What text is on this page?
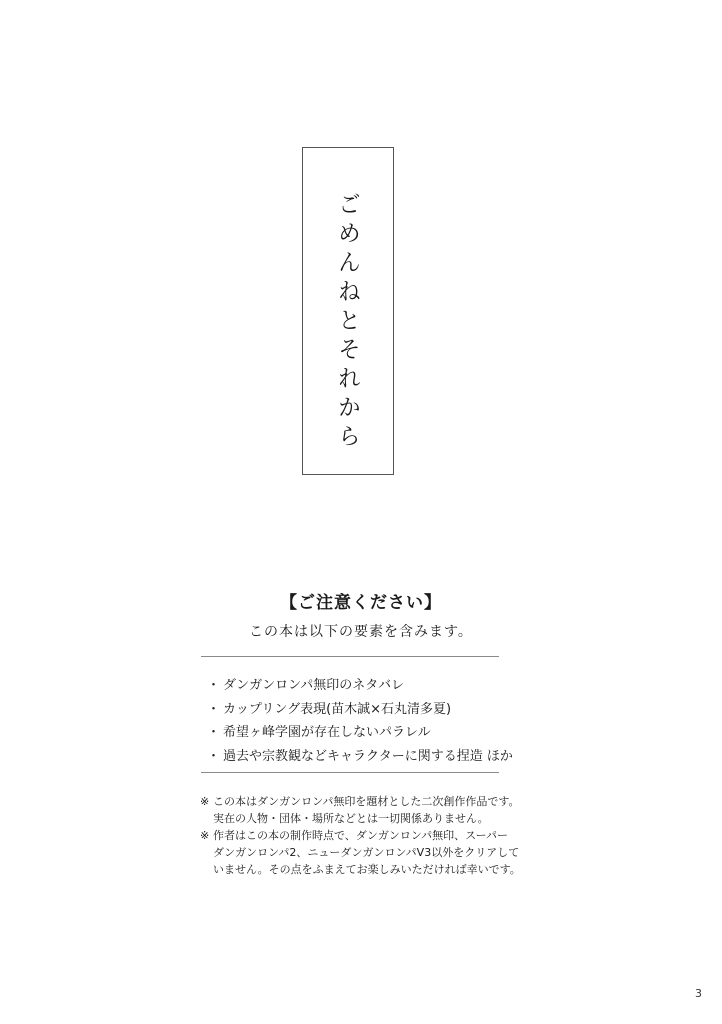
ごめんねとそれから
【ご注意ください】
この本は以下の要素を含みます。
・ ダンガンロンパ無印のネタバレ
・ カップリング表現(苗木誠×石丸清多夏)
・ 希望ヶ峰学園が存在しないパラレル
・ 過去や宗教観などキャラクターに関する捏造 ほか
※ この本はダンガンロンパ無印を題材とした二次創作作品です。
実在の人物・団体・場所などとは一切関係ありません。
※ 作者はこの本の制作時点で、ダンガンロンパ無印、スーパー
ダンガンロンパ2、ニューダンガンロンパV3以外をクリアして
いません。その点をふまえてお楽しみいただければ幸いです。
3
